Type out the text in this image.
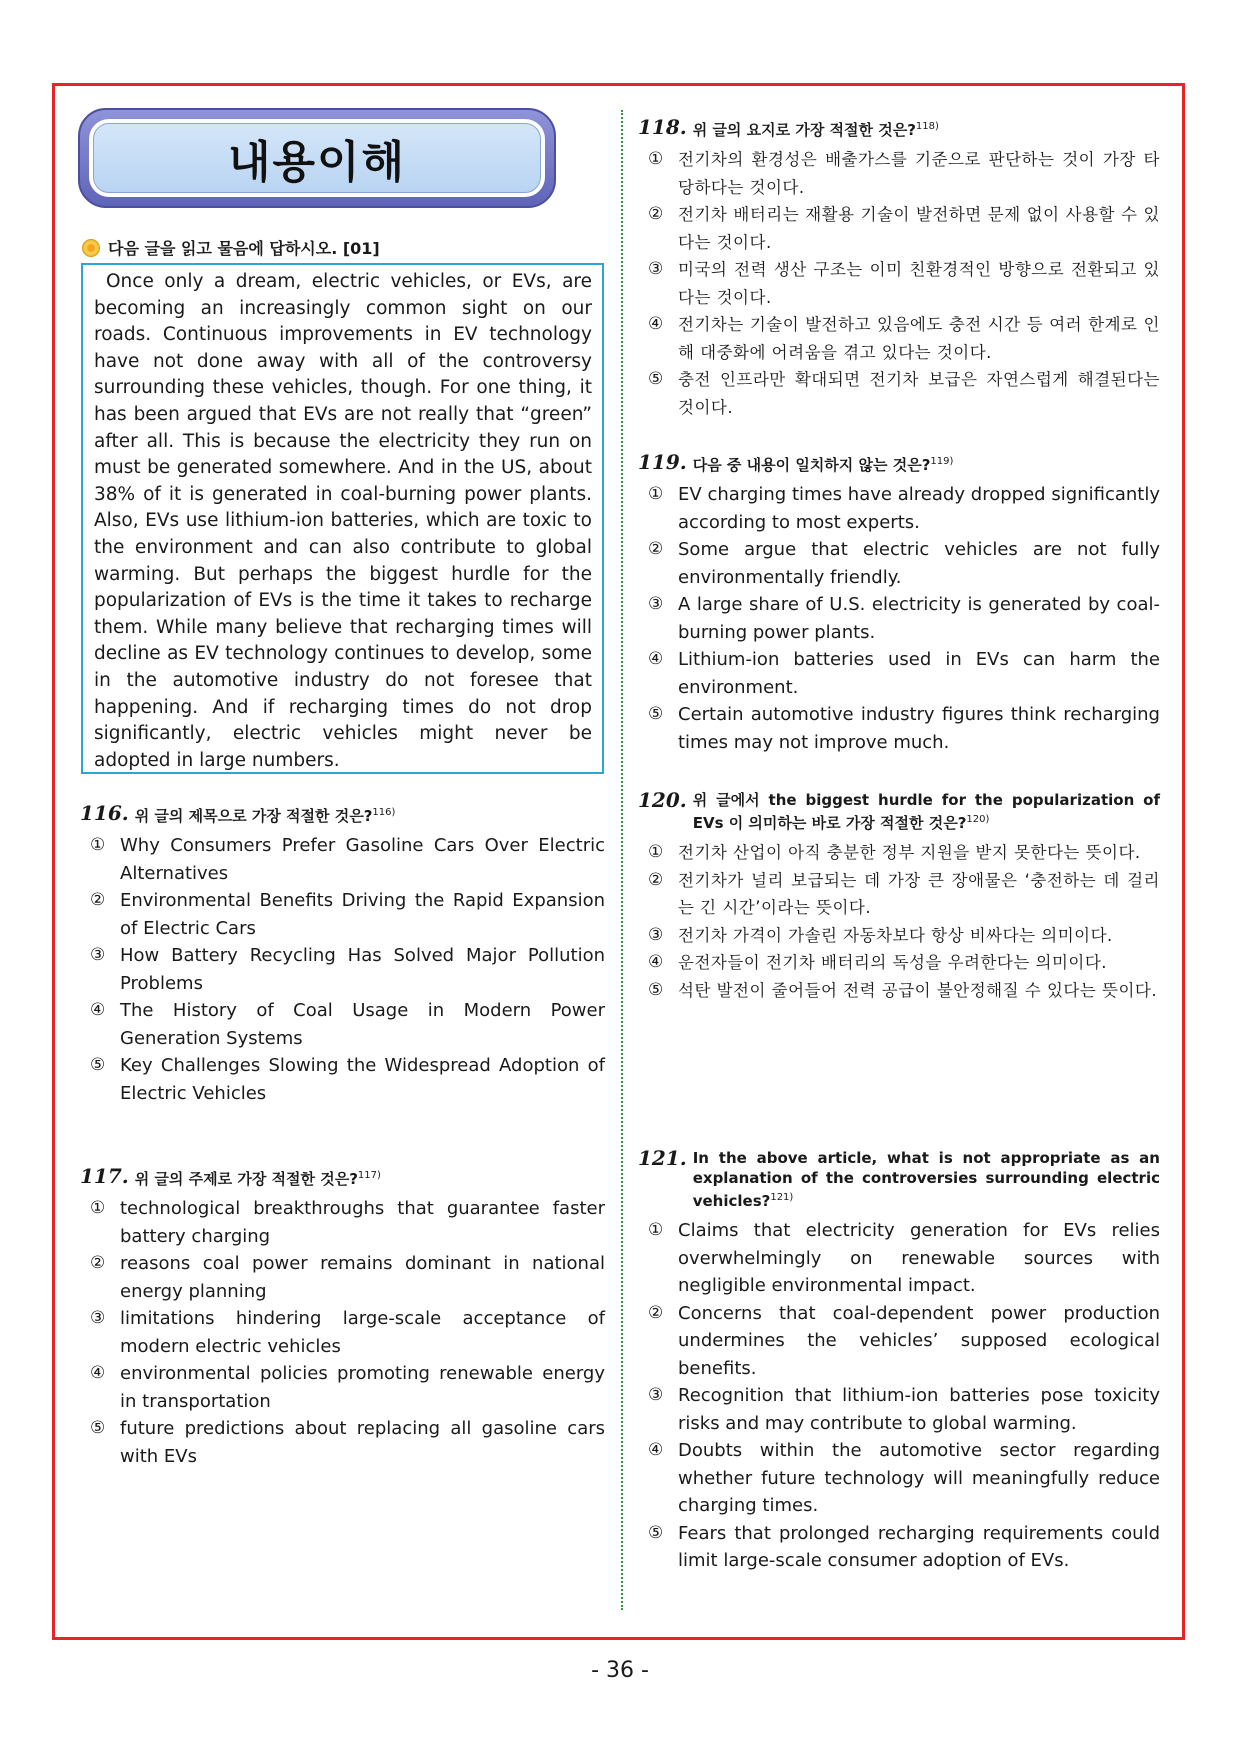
내용이해
다음 글을 읽고 물음에 답하시오. [01]
Once only a dream, electric vehicles, or EVs, are becoming an increasingly common sight on our roads. Continuous improvements in EV technology have not done away with all of the controversy surrounding these vehicles, though. For one thing, it has been argued that EVs are not really that “green” after all. This is because the electricity they run on must be generated somewhere. And in the US, about 38% of it is generated in coal-burning power plants. Also, EVs use lithium-ion batteries, which are toxic to the environment and can also contribute to global warming. But perhaps the biggest hurdle for the popularization of EVs is the time it takes to recharge them. While many believe that recharging times will decline as EV technology continues to develop, some in the automotive industry do not foresee that happening. And if recharging times do not drop significantly, electric vehicles might never be adopted in large numbers.
116. 위 글의 제목으로 가장 적절한 것은?$^{116)}$
① Why Consumers Prefer Gasoline Cars Over Electric Alternatives
② Environmental Benefits Driving the Rapid Expansion of Electric Cars
③ How Battery Recycling Has Solved Major Pollution Problems
④ The History of Coal Usage in Modern Power Generation Systems
⑤ Key Challenges Slowing the Widespread Adoption of Electric Vehicles
117. 위 글의 주제로 가장 적절한 것은?$^{117)}$
① technological breakthroughs that guarantee faster battery charging
② reasons coal power remains dominant in national energy planning
③ limitations hindering large-scale acceptance of modern electric vehicles
④ environmental policies promoting renewable energy in transportation
⑤ future predictions about replacing all gasoline cars with EVs
118. 위 글의 요지로 가장 적절한 것은?$^{118)}$
① 전기차의 환경성은 배출가스를 기준으로 판단하는 것이 가장 타당하다는 것이다.
② 전기차 배터리는 재활용 기술이 발전하면 문제 없이 사용할 수 있다는 것이다.
③ 미국의 전력 생산 구조는 이미 친환경적인 방향으로 전환되고 있다는 것이다.
④ 전기차는 기술이 발전하고 있음에도 충전 시간 등 여러 한계로 인해 대중화에 어려움을 겪고 있다는 것이다.
⑤ 충전 인프라만 확대되면 전기차 보급은 자연스럽게 해결된다는 것이다.
119. 다음 중 내용이 일치하지 않는 것은?$^{119)}$
① EV charging times have already dropped significantly according to most experts.
② Some argue that electric vehicles are not fully environmentally friendly.
③ A large share of U.S. electricity is generated by coal-burning power plants.
④ Lithium-ion batteries used in EVs can harm the environment.
⑤ Certain automotive industry figures think recharging times may not improve much.
120. 위 글에서 the biggest hurdle for the popularization of EVs 이 의미하는 바로 가장 적절한 것은?$^{120)}$
① 전기차 산업이 아직 충분한 정부 지원을 받지 못한다는 뜻이다.
② 전기차가 널리 보급되는 데 가장 큰 장애물은 ‘충전하는 데 걸리는 긴 시간’이라는 뜻이다.
③ 전기차 가격이 가솔린 자동차보다 항상 비싸다는 의미이다.
④ 운전자들이 전기차 배터리의 독성을 우려한다는 의미이다.
⑤ 석탄 발전이 줄어들어 전력 공급이 불안정해질 수 있다는 뜻이다.
121. In the above article, what is not appropriate as an explanation of the controversies surrounding electric vehicles?$^{121)}$
① Claims that electricity generation for EVs relies overwhelmingly on renewable sources with negligible environmental impact.
② Concerns that coal-dependent power production undermines the vehicles’ supposed ecological benefits.
③ Recognition that lithium-ion batteries pose toxicity risks and may contribute to global warming.
④ Doubts within the automotive sector regarding whether future technology will meaningfully reduce charging times.
⑤ Fears that prolonged recharging requirements could limit large-scale consumer adoption of EVs.
- 36 -
